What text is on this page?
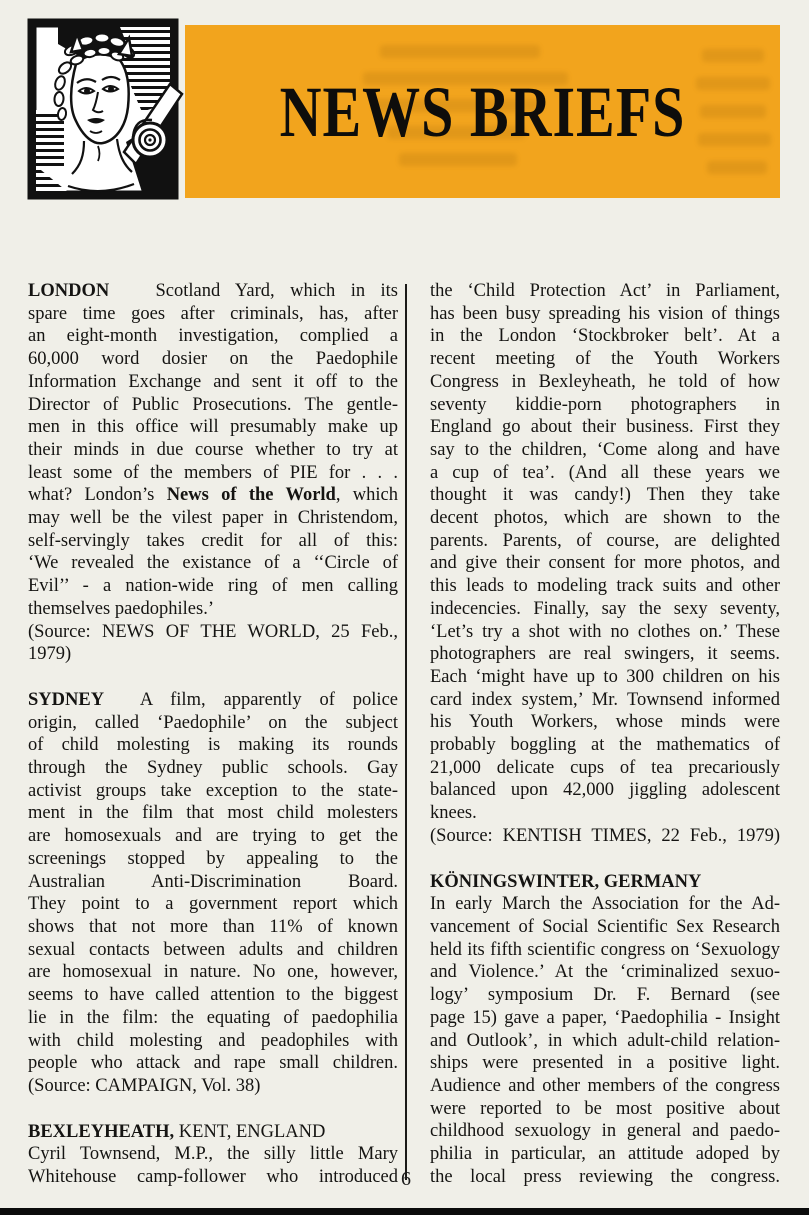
NEWS BRIEFS
LONDON   Scotland Yard, which in its
spare time goes after criminals, has, after
an eight-month investigation, complied a
60,000 word dosier on the Paedophile
Information Exchange and sent it off to the
Director of Public Prosecutions. The gentle-
men in this office will presumably make up
their minds in due course whether to try at
least some of the members of PIE for . . .
what? London’s News of the World, which
may well be the vilest paper in Christendom,
self-servingly takes credit for all of this:
‘We revealed the existance of a ‘‘Circle of
Evil’’ - a nation-wide ring of men calling
themselves paedophiles.’
(Source: NEWS OF THE WORLD, 25 Feb.,
1979)
SYDNEY  A film, apparently of police
origin, called ‘Paedophile’ on the subject
of child molesting is making its rounds
through the Sydney public schools. Gay
activist groups take exception to the state-
ment in the film that most child molesters
are homosexuals and are trying to get the
screenings stopped by appealing to the
Australian Anti-Discrimination Board.
They point to a government report which
shows that not more than 11% of known
sexual contacts between adults and children
are homosexual in nature. No one, however,
seems to have called attention to the biggest
lie in the film: the equating of paedophilia
with child molesting and peadophiles with
people who attack and rape small children.
(Source: CAMPAIGN, Vol. 38)
BEXLEYHEATH, KENT, ENGLAND
Cyril Townsend, M.P., the silly little Mary
Whitehouse camp-follower who introduced
the ‘Child Protection Act’ in Parliament,
has been busy spreading his vision of things
in the London ‘Stockbroker belt’. At a
recent meeting of the Youth Workers
Congress in Bexleyheath, he told of how
seventy kiddie-porn photographers in
England go about their business. First they
say to the children, ‘Come along and have
a cup of tea’. (And all these years we
thought it was candy!) Then they take
decent photos, which are shown to the
parents. Parents, of course, are delighted
and give their consent for more photos, and
this leads to modeling track suits and other
indecencies. Finally, say the sexy seventy,
‘Let’s try a shot with no clothes on.’ These
photographers are real swingers, it seems.
Each ‘might have up to 300 children on his
card index system,’ Mr. Townsend informed
his Youth Workers, whose minds were
probably boggling at the mathematics of
21,000 delicate cups of tea precariously
balanced upon 42,000 jiggling adolescent
knees.
(Source: KENTISH TIMES, 22 Feb., 1979)
KÖNINGSWINTER, GERMANY
In early March the Association for the Ad-
vancement of Social Scientific Sex Research
held its fifth scientific congress on ‘Sexuology
and Violence.’ At the ‘criminalized sexuo-
logy’ symposium Dr. F. Bernard (see
page 15) gave a paper, ‘Paedophilia - Insight
and Outlook’, in which adult-child relation-
ships were presented in a positive light.
Audience and other members of the congress
were reported to be most positive about
childhood sexuology in general and paedo-
philia in particular, an attitude adoped by
the local press reviewing the congress.
6
